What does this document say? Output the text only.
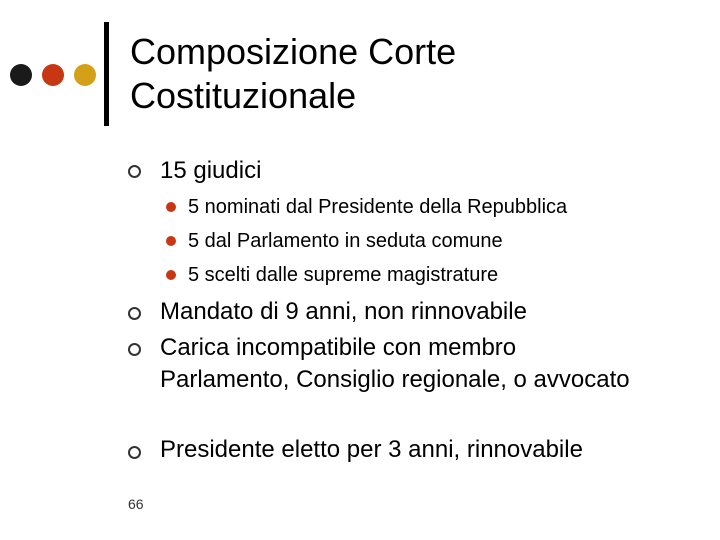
Composizione Corte
Costituzionale
15 giudici
5 nominati dal Presidente della Repubblica
5 dal Parlamento in seduta comune
5 scelti dalle supreme magistrature
Mandato di 9 anni, non rinnovabile
Carica incompatibile con membro Parlamento, Consiglio regionale, o avvocato
Presidente eletto per 3 anni, rinnovabile
66
